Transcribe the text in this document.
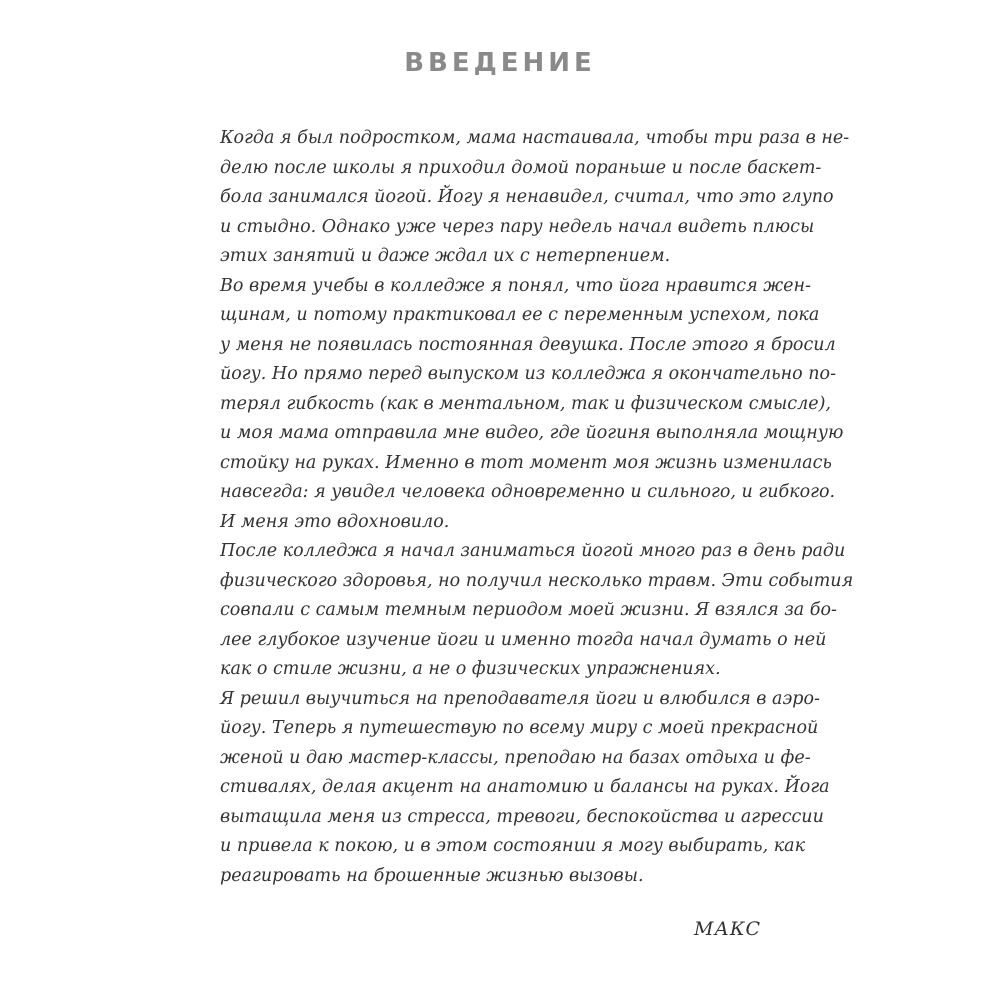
ВВЕДЕНИЕ
Когда я был подростком, мама настаивала, чтобы три раза в не-
делю после школы я приходил домой пораньше и после баскет-
бола занимался йогой. Йогу я ненавидел, считал, что это глупо
и стыдно. Однако уже через пару недель начал видеть плюсы
этих занятий и даже ждал их с нетерпением.
Во время учебы в колледже я понял, что йога нравится жен-
щинам, и потому практиковал ее с переменным успехом, пока
у меня не появилась постоянная девушка. После этого я бросил
йогу. Но прямо перед выпуском из колледжа я окончательно по-
терял гибкость (как в ментальном, так и физическом смысле),
и моя мама отправила мне видео, где йогиня выполняла мощную
стойку на руках. Именно в тот момент моя жизнь изменилась
навсегда: я увидел человека одновременно и сильного, и гибкого.
И меня это вдохновило.
После колледжа я начал заниматься йогой много раз в день ради
физического здоровья, но получил несколько травм. Эти события
совпали с самым темным периодом моей жизни. Я взялся за бо-
лее глубокое изучение йоги и именно тогда начал думать о ней
как о стиле жизни, а не о физических упражнениях.
Я решил выучиться на преподавателя йоги и влюбился в аэро-
йогу. Теперь я путешествую по всему миру с моей прекрасной
женой и даю мастер-классы, преподаю на базах отдыха и фе-
стивалях, делая акцент на анатомию и балансы на руках. Йога
вытащила меня из стресса, тревоги, беспокойства и агрессии
и привела к покою, и в этом состоянии я могу выбирать, как
реагировать на брошенные жизнью вызовы.
МАКС
